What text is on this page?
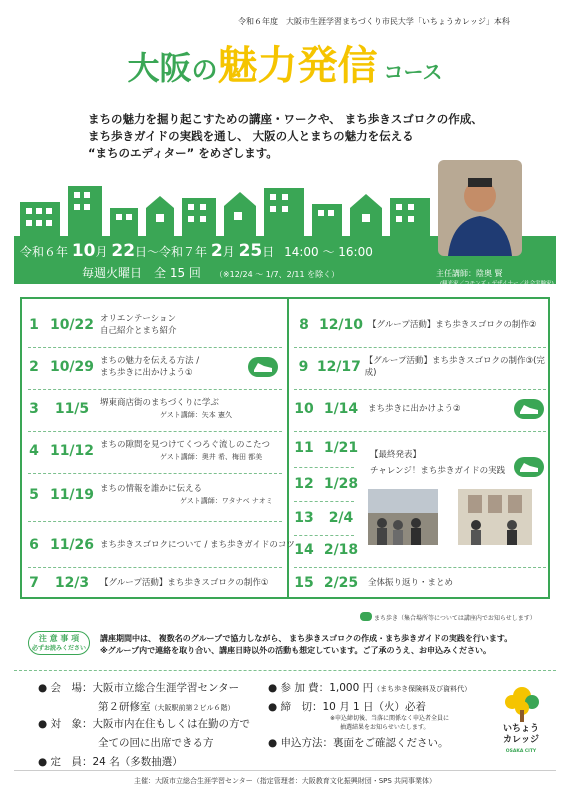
令和６年度　大阪市生涯学習まちづくり市民大学「いちょうカレッジ」本科
大阪の魅力発信 コース
まちの魅力を掘り起こすための講座・ワークや、 まち歩きスゴロクの作成、
まち歩きガイドの実践を通し、 大阪の人とまちの魅力を伝える
“まちのエディター” をめざします。
令和６年 10月 22日〜令和７年 2月 25日 14:00 〜 16:00
毎週火曜日　全 15 回 （※12/24 〜 1/7、2/11 を除く）	主任講師：陰奥 賢
(観光家／コモンズ・デザイナー／社会実験家)
1 10/22 オリエンテーション
自己紹介とまち紹介
2 10/29 まちの魅力を伝える方法 /
まち歩きに出かけよう①
3	11/5	堺東商店街のまちづくりに学ぶ
ゲスト講師：矢本 憲久
4 11/12 まちの隙間を見つけてくつろぐ流しのこたつ
ゲスト講師：奥井 希、梅田 都美
5 11/19 まちの情報を誰かに伝える
ゲスト講師：ワタナベ ナオミ
6 11/26 まち歩きスゴロクについて / まち歩きガイドのコツ
7	12/3	【グループ活動】まち歩きスゴロクの制作①
8 12/10 【グループ活動】まち歩きスゴロクの制作②
9 12/17 【グループ活動】まち歩きスゴロクの制作③(完成)
10 1/14	まち歩きに出かけよう②
11 1/21	【最終発表】
チャレンジ！まち歩きガイドの実践
12 1/28
13	2/4
14 2/18
15 2/25	全体振り返り・まとめ
まち歩き（集合場所等については講座内でお知らせします）
注 意 事 項
必ずお読みください
講座期間中は、 複数名のグループで協力しながら、 まち歩きスゴロクの作成・まち歩きガイドの実践を行います。
※グループ内で連絡を取り合い、講座日時以外の活動も想定しています。ご了承のうえ、お申込みください。
● 会　場：大阪市立総合生涯学習センター
第２研修室（大阪駅前第２ビル６階）
● 対　象：大阪市内在住もしくは在勤の方で
全ての回に出席できる方
● 定　員：24 名（多数抽選）
● 参 加 費：1,000 円（まち歩き保険料及び資料代）
● 締　切：10 月 1 日（火）必着
※申込締切後、当落に関係なく申込者全員に
抽選結果をお知らせいたします。
● 申込方法：裏面をご確認ください。
いちょう
カレッジ
OSAKA CITY
主催：大阪市立総合生涯学習センター（指定管理者：大阪教育文化振興財団・SPS 共同事業体）
